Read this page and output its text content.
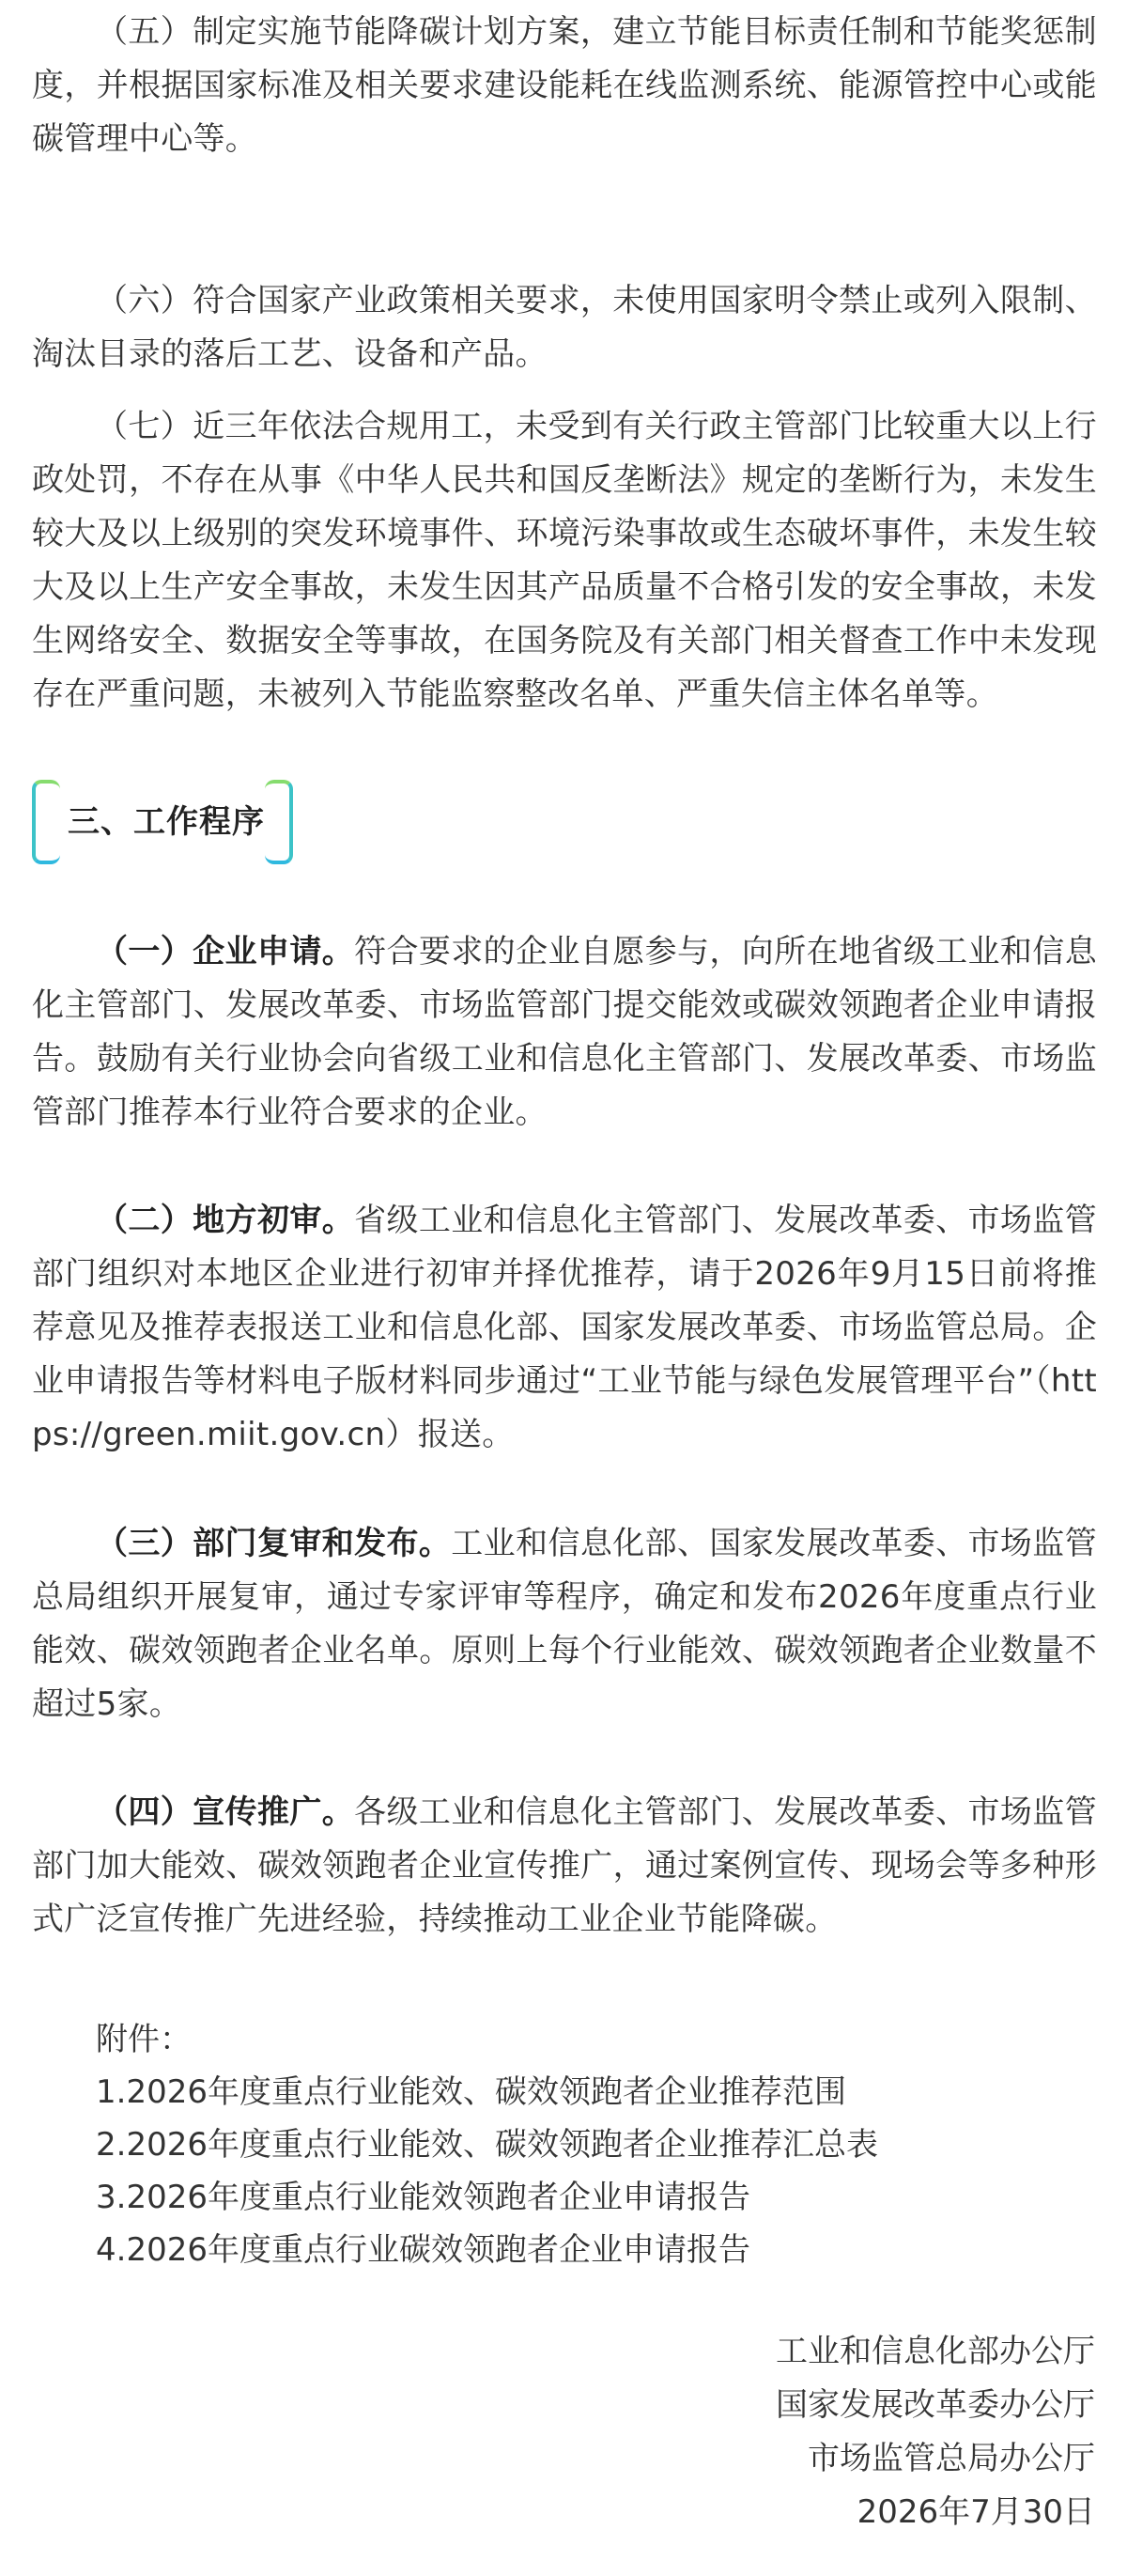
（五）制定实施节能降碳计划方案，建立节能目标责任制和节能奖惩制度，并根据国家标准及相关要求建设能耗在线监测系统、能源管控中心或能碳管理中心等。

（六）符合国家产业政策相关要求，未使用国家明令禁止或列入限制、淘汰目录的落后工艺、设备和产品。

（七）近三年依法合规用工，未受到有关行政主管部门比较重大以上行政处罚，不存在从事《中华人民共和国反垄断法》规定的垄断行为，未发生较大及以上级别的突发环境事件、环境污染事故或生态破坏事件，未发生较大及以上生产安全事故，未发生因其产品质量不合格引发的安全事故，未发生网络安全、数据安全等事故，在国务院及有关部门相关督查工作中未发现存在严重问题，未被列入节能监察整改名单、严重失信主体名单等。

三、工作程序

（一）企业申请。符合要求的企业自愿参与，向所在地省级工业和信息化主管部门、发展改革委、市场监管部门提交能效或碳效领跑者企业申请报告。鼓励有关行业协会向省级工业和信息化主管部门、发展改革委、市场监管部门推荐本行业符合要求的企业。

（二）地方初审。省级工业和信息化主管部门、发展改革委、市场监管部门组织对本地区企业进行初审并择优推荐，请于2026年9月15日前将推荐意见及推荐表报送工业和信息化部、国家发展改革委、市场监管总局。企业申请报告等材料电子版材料同步通过“工业节能与绿色发展管理平台”（https://green.miit.gov.cn）报送。

（三）部门复审和发布。工业和信息化部、国家发展改革委、市场监管总局组织开展复审，通过专家评审等程序，确定和发布2026年度重点行业能效、碳效领跑者企业名单。原则上每个行业能效、碳效领跑者企业数量不超过5家。

（四）宣传推广。各级工业和信息化主管部门、发展改革委、市场监管部门加大能效、碳效领跑者企业宣传推广，通过案例宣传、现场会等多种形式广泛宣传推广先进经验，持续推动工业企业节能降碳。

附件：
1.2026年度重点行业能效、碳效领跑者企业推荐范围
2.2026年度重点行业能效、碳效领跑者企业推荐汇总表
3.2026年度重点行业能效领跑者企业申请报告
4.2026年度重点行业碳效领跑者企业申请报告
工业和信息化部办公厅
国家发展改革委办公厅
市场监管总局办公厅
2026年7月30日
